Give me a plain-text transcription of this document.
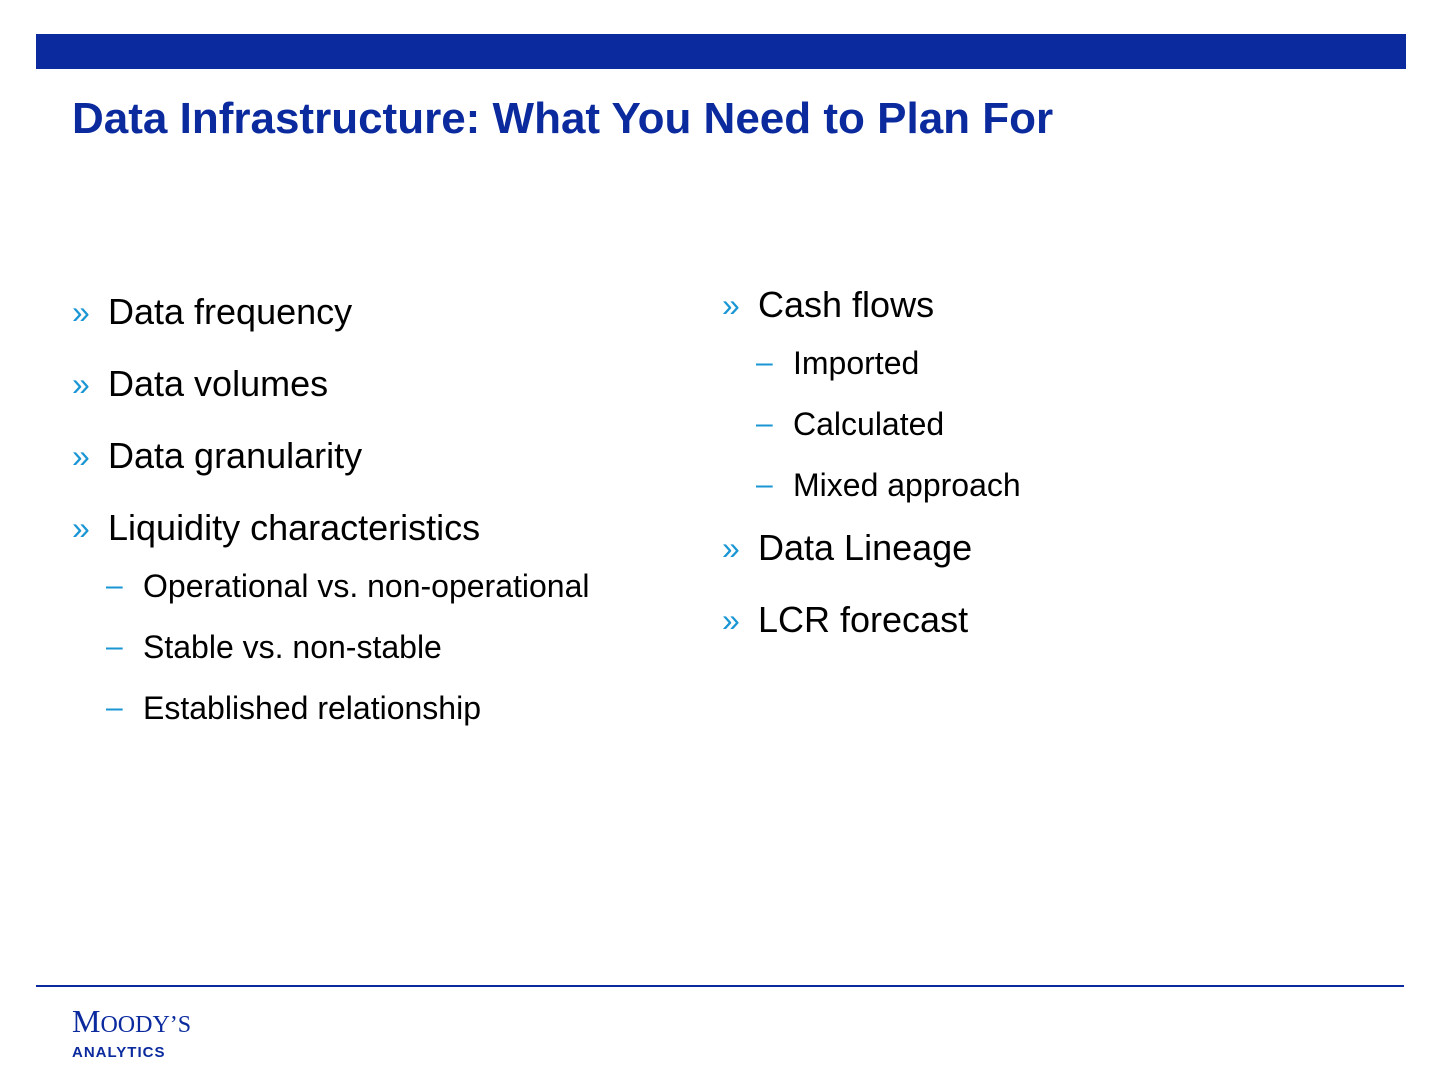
Data Infrastructure: What You Need to Plan For
» Data frequency
» Data volumes
» Data granularity
» Liquidity characteristics
– Operational vs. non-operational
– Stable vs. non-stable
– Established relationship
» Cash flows
– Imported
– Calculated
– Mixed approach
» Data Lineage
» LCR forecast
MOODY’S
ANALYTICS
